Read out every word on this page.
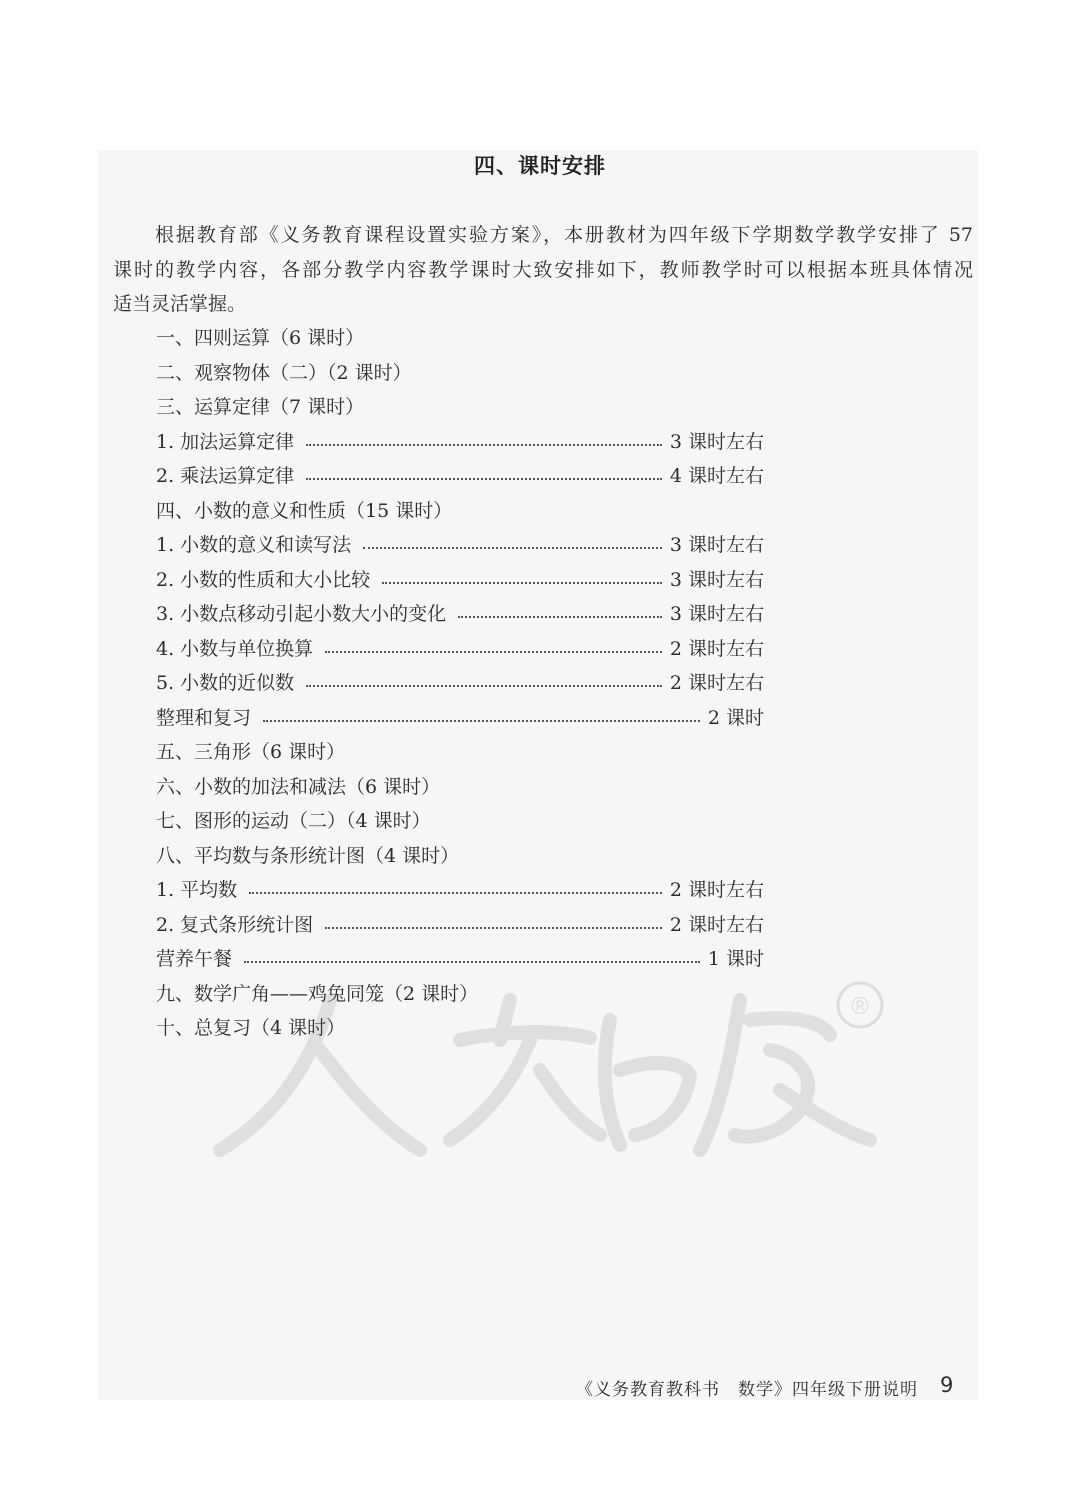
®
四、课时安排
根据教育部《义务教育课程设置实验方案》，本册教材为四年级下学期数学教学安排了 57
课时的教学内容，各部分教学内容教学课时大致安排如下，教师教学时可以根据本班具体情况
适当灵活掌握。
一、四则运算（6 课时）
二、观察物体（二）（2 课时）
三、运算定律（7 课时）
1. 加法运算定律	3 课时左右
2. 乘法运算定律	4 课时左右
四、小数的意义和性质（15 课时）
1. 小数的意义和读写法	3 课时左右
2. 小数的性质和大小比较	3 课时左右
3. 小数点移动引起小数大小的变化	3 课时左右
4. 小数与单位换算	2 课时左右
5. 小数的近似数	2 课时左右
整理和复习	2 课时
五、三角形（6 课时）
六、小数的加法和减法（6 课时）
七、图形的运动（二）（4 课时）
八、平均数与条形统计图（4 课时）
1. 平均数	2 课时左右
2. 复式条形统计图	2 课时左右
营养午餐	1 课时
九、数学广角——鸡兔同笼（2 课时）
十、总复习（4 课时）
《义务教育教科书　数学》四年级下册说明 9
